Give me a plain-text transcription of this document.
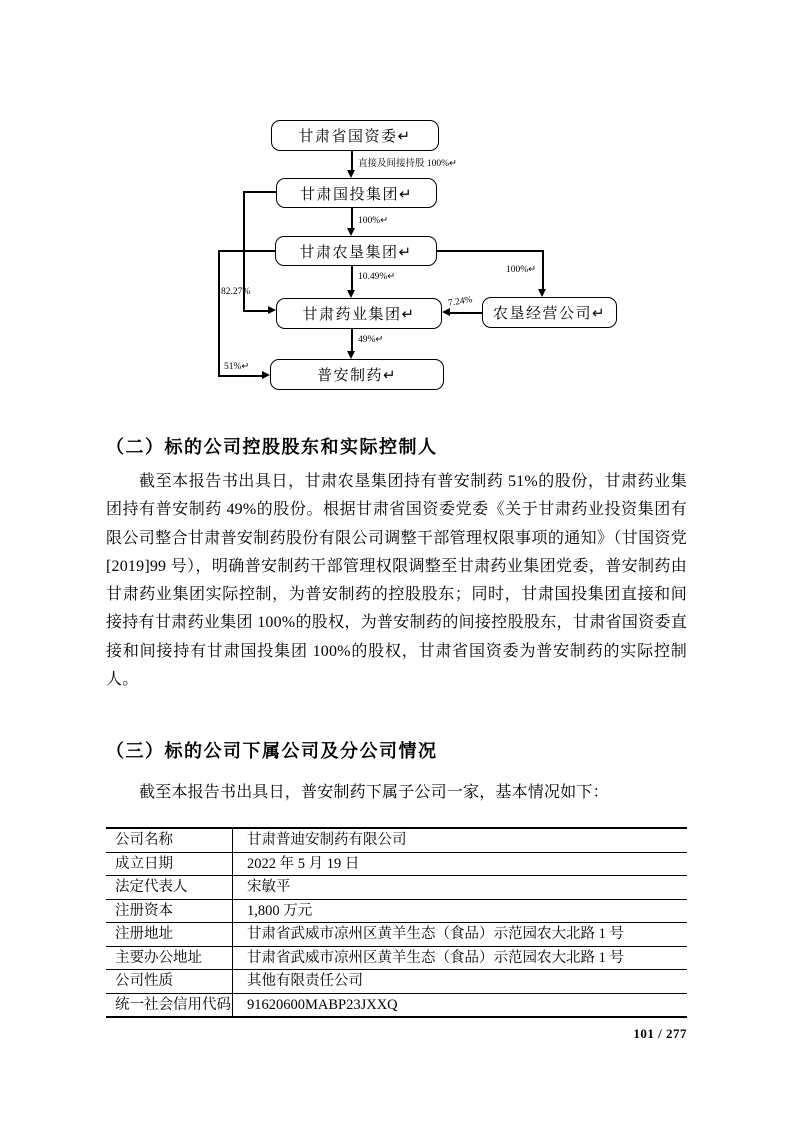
甘肃省国资委↵
甘肃国投集团↵
甘肃农垦集团↵
甘肃药业集团↵
普安制药↵
农垦经营公司↵
直接及间接持股 100%↵
100%↵
10.49%↵
49%↵
82.27%
51%↵
100%↵
7.24%
（二）标的公司控股股东和实际控制人

截至本报告书出具日，甘肃农垦集团持有普安制药 51%的股份，甘肃药业集团持有普安制药 49%的股份。根据甘肃省国资委党委《关于甘肃药业投资集团有限公司整合甘肃普安制药股份有限公司调整干部管理权限事项的通知》（甘国资党[2019]99 号），明确普安制药干部管理权限调整至甘肃药业集团党委，普安制药由甘肃药业集团实际控制，为普安制药的控股股东；同时，甘肃国投集团直接和间接持有甘肃药业集团 100%的股权，为普安制药的间接控股股东，甘肃省国资委直接和间接持有甘肃国投集团 100%的股权，甘肃省国资委为普安制药的实际控制人。

（三）标的公司下属公司及分公司情况

截至本报告书出具日，普安制药下属子公司一家，基本情况如下：

公司名称	甘肃普迪安制药有限公司
成立日期	2022 年 5 月 19 日
法定代表人	宋敏平
注册资本	1,800 万元
注册地址	甘肃省武威市凉州区黄羊生态（食品）示范园农大北路 1 号
主要办公地址	甘肃省武威市凉州区黄羊生态（食品）示范园农大北路 1 号
公司性质	其他有限责任公司
统一社会信用代码	91620600MABP23JXXQ
101 / 277
